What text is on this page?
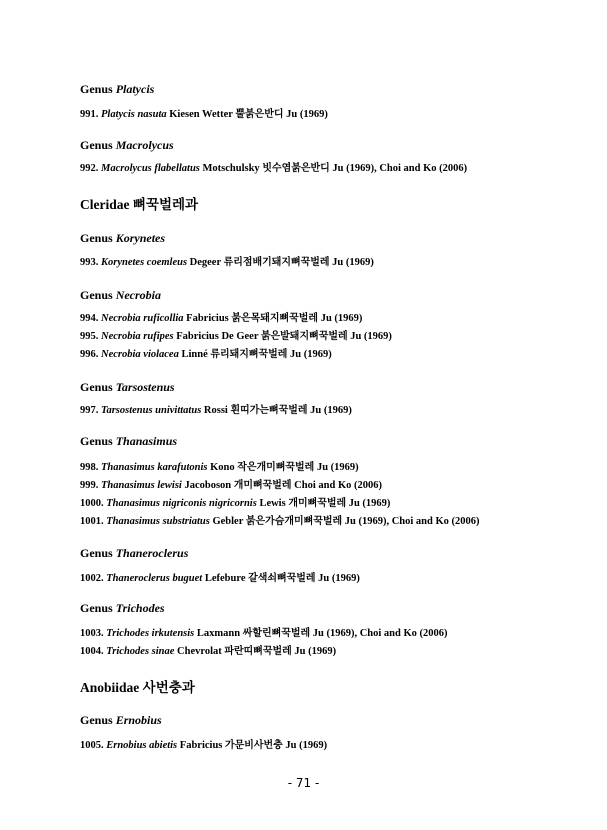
Genus Platycis
991. Platycis nasuta Kiesen Wetter 뿔붉은반디 Ju (1969)
Genus Macrolycus
992. Macrolycus flabellatus Motschulsky 빗수염붉은반디 Ju (1969), Choi and Ko (2006)
Cleridae 뼈꾹벌레과
Genus Korynetes
993. Korynetes coemleus Degeer 류리점배기돼지뼈꾹벌레 Ju (1969)
Genus Necrobia
994. Necrobia ruficollia Fabricius 붉은목돼지뼈꾹벌레 Ju (1969)
995. Necrobia rufipes Fabricius De Geer 붉은발돼지뼈꾹벌레 Ju (1969)
996. Necrobia violacea Linné 류리돼지뼈꾹벌레 Ju (1969)
Genus Tarsostenus
997. Tarsostenus univittatus Rossi 흰띠가는뼈꾹벌레 Ju (1969)
Genus Thanasimus
998. Thanasimus karafutonis Kono 작은개미뼈꾹벌레 Ju (1969)
999. Thanasimus lewisi Jacoboson 개미뼈꾹벌레 Choi and Ko (2006)
1000. Thanasimus nigriconis nigricornis Lewis 개미뼈꾹벌레 Ju (1969)
1001. Thanasimus substriatus Gebler 붉은가슴개미뼈꾹벌레 Ju (1969), Choi and Ko (2006)
Genus Thaneroclerus
1002. Thaneroclerus buguet Lefebure 갈색쇠뼈꾹벌레 Ju (1969)
Genus Trichodes
1003. Trichodes irkutensis Laxmann 싸할린뼈꾹벌레 Ju (1969), Choi and Ko (2006)
1004. Trichodes sinae Chevrolat 파란띠뼈꾹벌레 Ju (1969)
Anobiidae 사번충과
Genus Ernobius
1005. Ernobius abietis Fabricius 가문비사번충 Ju (1969)
- 71 -
